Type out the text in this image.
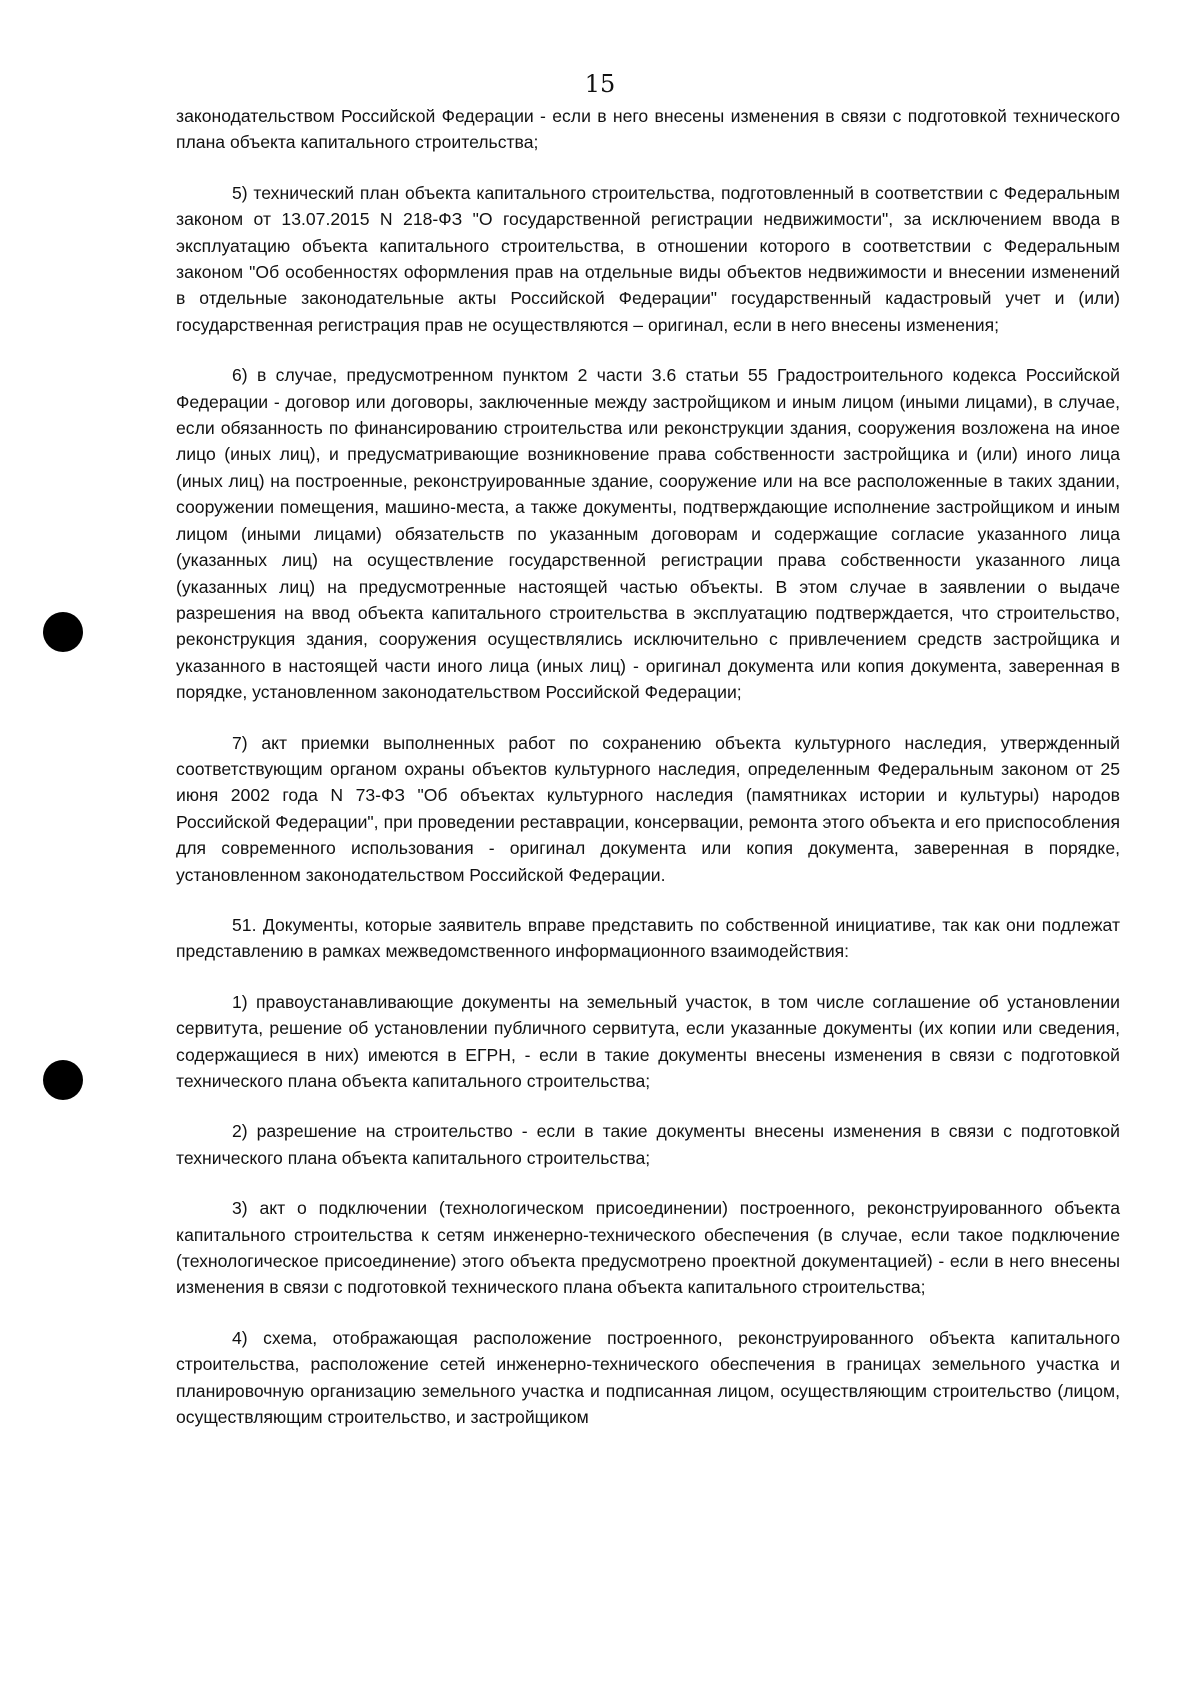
15

законодательством Российской Федерации - если в него внесены изменения в связи с подготовкой технического плана объекта капитального строительства;

5) технический план объекта капитального строительства, подготовленный в соответствии с Федеральным законом от 13.07.2015 N 218-ФЗ "О государственной регистрации недвижимости", за исключением ввода в эксплуатацию объекта капитального строительства, в отношении которого в соответствии с Федеральным законом "Об особенностях оформления прав на отдельные виды объектов недвижимости и внесении изменений в отдельные законодательные акты Российской Федерации" государственный кадастровый учет и (или) государственная регистрация прав не осуществляются – оригинал, если в него внесены изменения;

6) в случае, предусмотренном пунктом 2 части 3.6 статьи 55 Градостроительного кодекса Российской Федерации - договор или договоры, заключенные между застройщиком и иным лицом (иными лицами), в случае, если обязанность по финансированию строительства или реконструкции здания, сооружения возложена на иное лицо (иных лиц), и предусматривающие возникновение права собственности застройщика и (или) иного лица (иных лиц) на построенные, реконструированные здание, сооружение или на все расположенные в таких здании, сооружении помещения, машино-места, а также документы, подтверждающие исполнение застройщиком и иным лицом (иными лицами) обязательств по указанным договорам и содержащие согласие указанного лица (указанных лиц) на осуществление государственной регистрации права собственности указанного лица (указанных лиц) на предусмотренные настоящей частью объекты. В этом случае в заявлении о выдаче разрешения на ввод объекта капитального строительства в эксплуатацию подтверждается, что строительство, реконструкция здания, сооружения осуществлялись исключительно с привлечением средств застройщика и указанного в настоящей части иного лица (иных лиц) - оригинал документа или копия документа, заверенная в порядке, установленном законодательством Российской Федерации;

7) акт приемки выполненных работ по сохранению объекта культурного наследия, утвержденный соответствующим органом охраны объектов культурного наследия, определенным Федеральным законом от 25 июня 2002 года N 73-ФЗ "Об объектах культурного наследия (памятниках истории и культуры) народов Российской Федерации", при проведении реставрации, консервации, ремонта этого объекта и его приспособления для современного использования - оригинал документа или копия документа, заверенная в порядке, установленном законодательством Российской Федерации.

51. Документы, которые заявитель вправе представить по собственной инициативе, так как они подлежат представлению в рамках межведомственного информационного взаимодействия:

1) правоустанавливающие документы на земельный участок, в том числе соглашение об установлении сервитута, решение об установлении публичного сервитута, если указанные документы (их копии или сведения, содержащиеся в них) имеются в ЕГРН, - если в такие документы внесены изменения в связи с подготовкой технического плана объекта капитального строительства;

2) разрешение на строительство - если в такие документы внесены изменения в связи с подготовкой технического плана объекта капитального строительства;

3) акт о подключении (технологическом присоединении) построенного, реконструированного объекта капитального строительства к сетям инженерно-технического обеспечения (в случае, если такое подключение (технологическое присоединение) этого объекта предусмотрено проектной документацией) - если в него внесены изменения в связи с подготовкой технического плана объекта капитального строительства;

4) схема, отображающая расположение построенного, реконструированного объекта капитального строительства, расположение сетей инженерно-технического обеспечения в границах земельного участка и планировочную организацию земельного участка и подписанная лицом, осуществляющим строительство (лицом, осуществляющим строительство, и застройщиком
